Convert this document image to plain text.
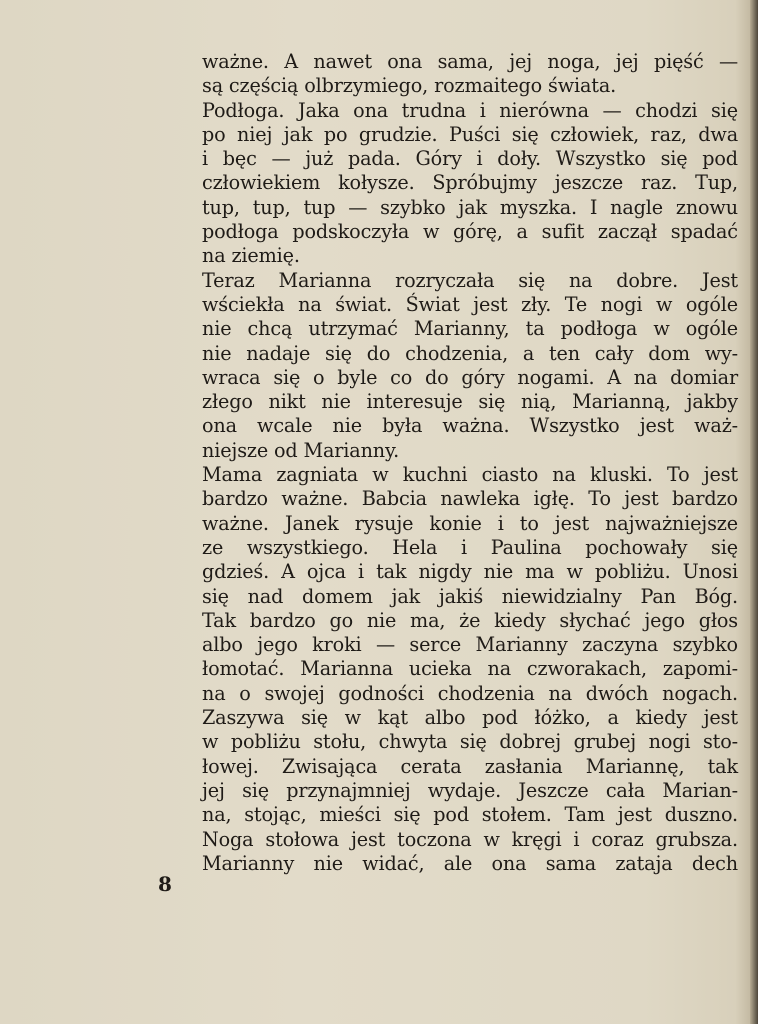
ważne. A nawet ona sama, jej noga, jej pięść —
są częścią olbrzymiego, rozmaitego świata.
Podłoga. Jaka ona trudna i nierówna — chodzi się
po niej jak po grudzie. Puści się człowiek, raz, dwa
i bęc — już pada. Góry i doły. Wszystko się pod
człowiekiem kołysze. Spróbujmy jeszcze raz. Tup,
tup, tup, tup — szybko jak myszka. I nagle znowu
podłoga podskoczyła w górę, a sufit zaczął spadać
na ziemię.
Teraz Marianna rozryczała się na dobre. Jest
wściekła na świat. Świat jest zły. Te nogi w ogóle
nie chcą utrzymać Marianny, ta podłoga w ogóle
nie nadaje się do chodzenia, a ten cały dom wy-
wraca się o byle co do góry nogami. A na domiar
złego nikt nie interesuje się nią, Marianną, jakby
ona wcale nie była ważna. Wszystko jest waż-
niejsze od Marianny.
Mama zagniata w kuchni ciasto na kluski. To jest
bardzo ważne. Babcia nawleka igłę. To jest bardzo
ważne. Janek rysuje konie i to jest najważniejsze
ze wszystkiego. Hela i Paulina pochowały się
gdzieś. A ojca i tak nigdy nie ma w pobliżu. Unosi
się nad domem jak jakiś niewidzialny Pan Bóg.
Tak bardzo go nie ma, że kiedy słychać jego głos
albo jego kroki — serce Marianny zaczyna szybko
łomotać. Marianna ucieka na czworakach, zapomi-
na o swojej godności chodzenia na dwóch nogach.
Zaszywa się w kąt albo pod łóżko, a kiedy jest
w pobliżu stołu, chwyta się dobrej grubej nogi sto-
łowej. Zwisająca cerata zasłania Mariannę, tak
jej się przynajmniej wydaje. Jeszcze cała Marian-
na, stojąc, mieści się pod stołem. Tam jest duszno.
Noga stołowa jest toczona w kręgi i coraz grubsza.
Marianny nie widać, ale ona sama zataja dech
8
